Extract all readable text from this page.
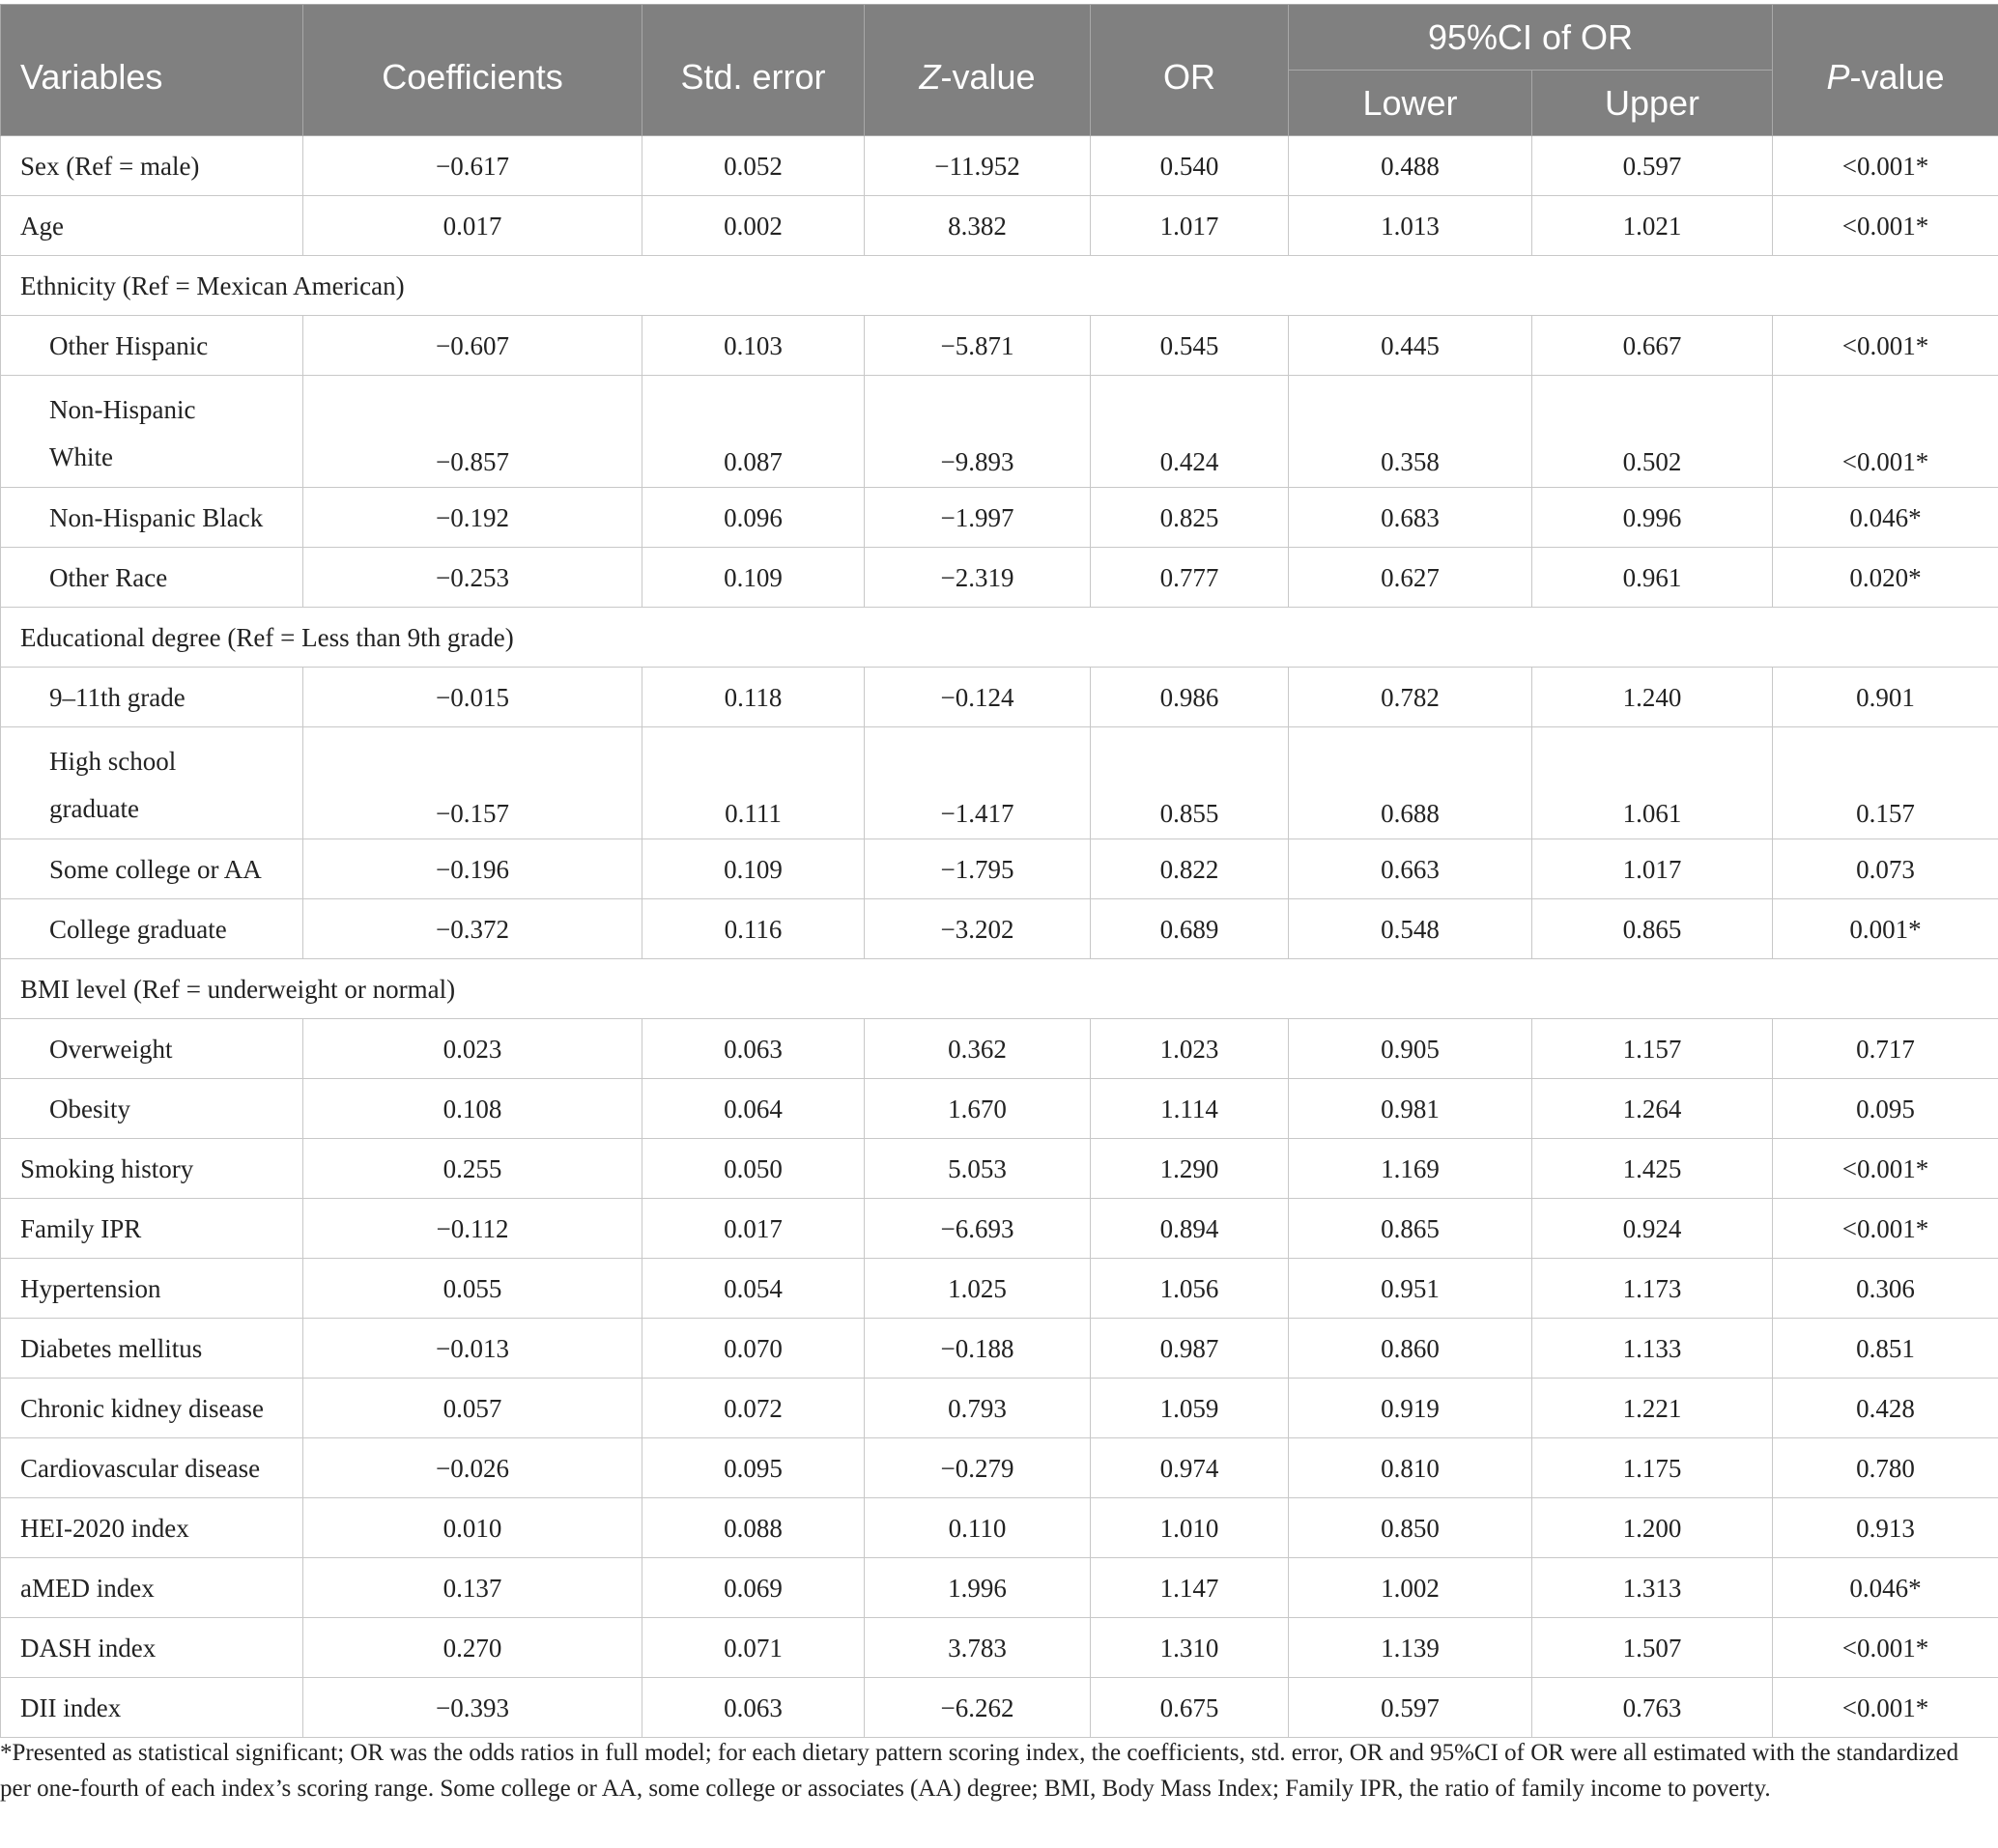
Variables	Coefficients	Std. error	Z-value	OR	95%CI of OR		P-value
					Lower	Upper	
Sex (Ref = male)	−0.617	0.052	−11.952	0.540	0.488	0.597	<0.001*
Age	0.017	0.002	8.382	1.017	1.013	1.021	<0.001*
Ethnicity (Ref = Mexican American)							
Other Hispanic	−0.607	0.103	−5.871	0.545	0.445	0.667	<0.001*

Non-Hispanic
White	−0.857	0.087	−9.893	0.424	0.358	0.502	<0.001*
Non-Hispanic Black	−0.192	0.096	−1.997	0.825	0.683	0.996	0.046*
Other Race	−0.253	0.109	−2.319	0.777	0.627	0.961	0.020*
Educational degree (Ref = Less than 9th grade)							
9–11th grade	−0.015	0.118	−0.124	0.986	0.782	1.240	0.901

High school
graduate	−0.157	0.111	−1.417	0.855	0.688	1.061	0.157
Some college or AA	−0.196	0.109	−1.795	0.822	0.663	1.017	0.073
College graduate	−0.372	0.116	−3.202	0.689	0.548	0.865	0.001*
BMI level (Ref = underweight or normal)							
Overweight	0.023	0.063	0.362	1.023	0.905	1.157	0.717
Obesity	0.108	0.064	1.670	1.114	0.981	1.264	0.095
Smoking history	0.255	0.050	5.053	1.290	1.169	1.425	<0.001*
Family IPR	−0.112	0.017	−6.693	0.894	0.865	0.924	<0.001*
Hypertension	0.055	0.054	1.025	1.056	0.951	1.173	0.306
Diabetes mellitus	−0.013	0.070	−0.188	0.987	0.860	1.133	0.851
Chronic kidney disease	0.057	0.072	0.793	1.059	0.919	1.221	0.428
Cardiovascular disease	−0.026	0.095	−0.279	0.974	0.810	1.175	0.780
HEI-2020 index	0.010	0.088	0.110	1.010	0.850	1.200	0.913
aMED index	0.137	0.069	1.996	1.147	1.002	1.313	0.046*
DASH index	0.270	0.071	3.783	1.310	1.139	1.507	<0.001*
DII index	−0.393	0.063	−6.262	0.675	0.597	0.763	<0.001*
*Presented as statistical significant; OR was the odds ratios in full model; for each dietary pattern scoring index, the coefficients, std. error, OR and 95%CI of OR were all estimated with the standardized per one-fourth of each index’s scoring range. Some college or AA, some college or associates (AA) degree; BMI, Body Mass Index; Family IPR, the ratio of family income to poverty.
